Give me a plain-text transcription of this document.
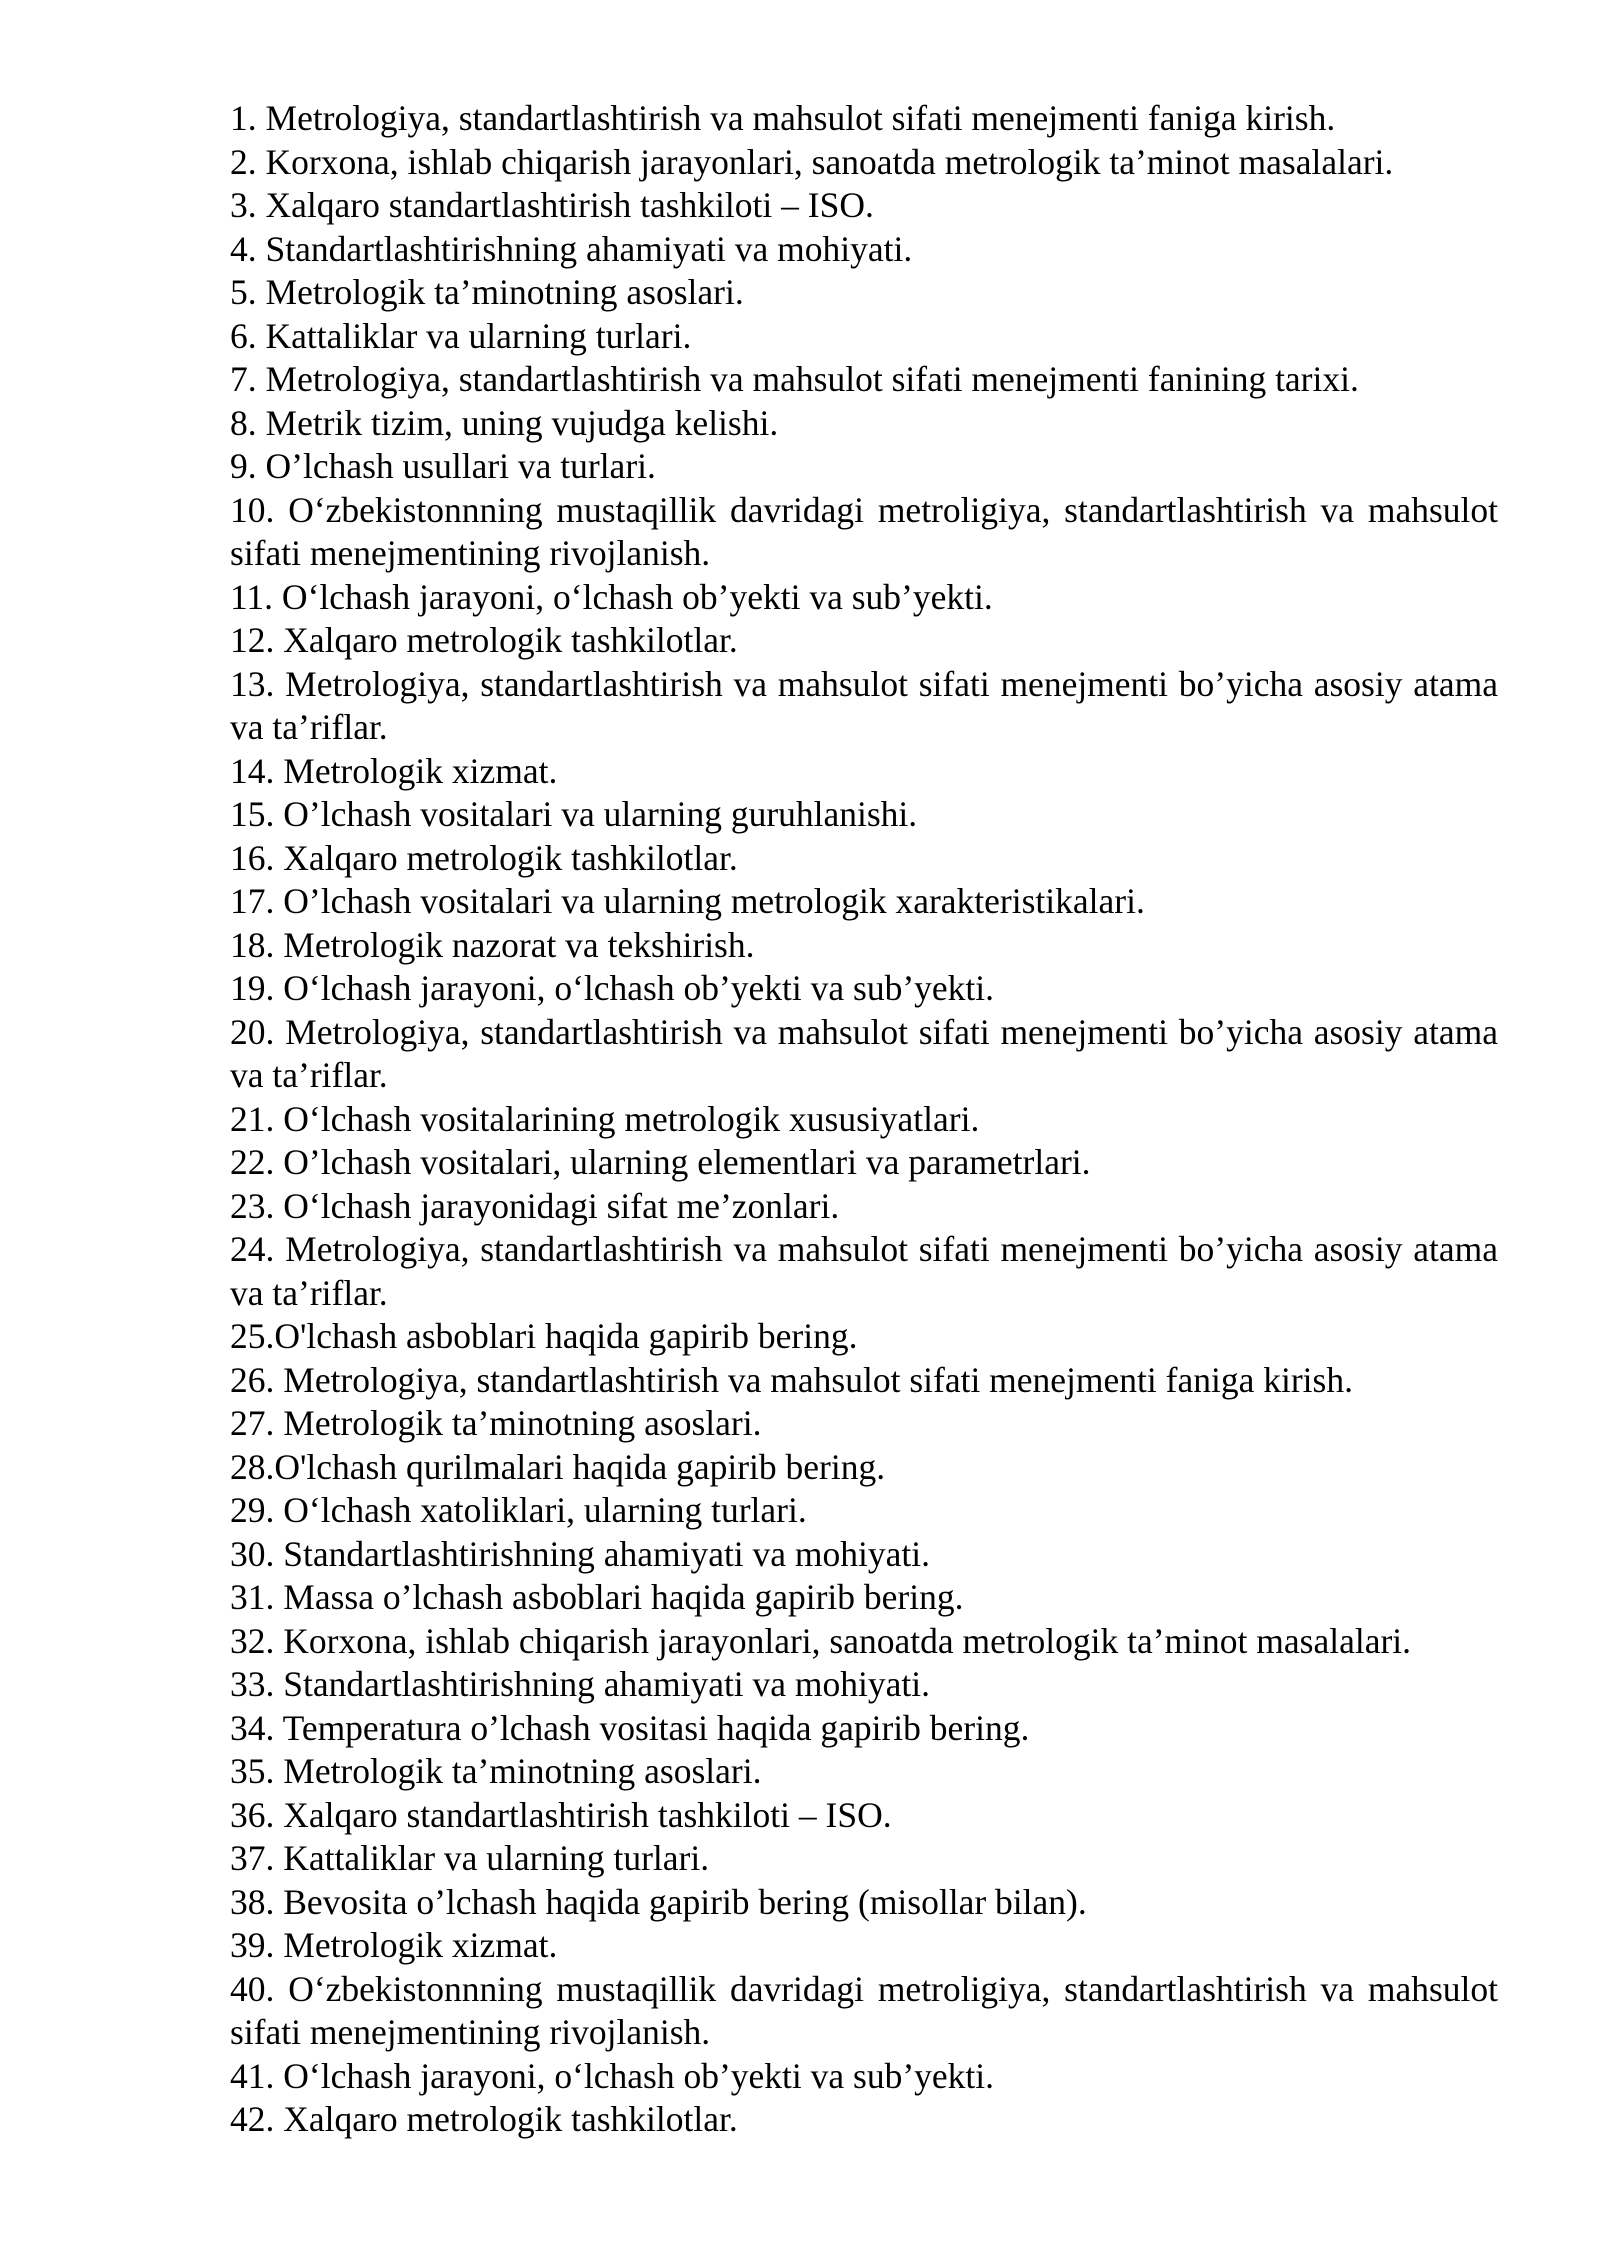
1. Metrologiya, standartlashtirish va mahsulot sifati menejmenti faniga kirish.
2. Korxona, ishlab chiqarish jarayonlari, sanoatda metrologik ta’minot masalalari.
3. Xalqaro standartlashtirish tashkiloti – ISO.
4. Standartlashtirishning ahamiyati va mohiyati.
5. Metrologik ta’minotning asoslari.
6. Kattaliklar va ularning turlari.
7. Metrologiya, standartlashtirish va mahsulot sifati menejmenti fanining tarixi.
8. Metrik tizim, uning vujudga kelishi.
9. O’lchash usullari va turlari.
10. O‘zbekistonnning mustaqillik davridagi metroligiya, standartlashtirish va mahsulot sifati menejmentining rivojlanish.
11. O‘lchash jarayoni, o‘lchash ob’yekti va sub’yekti.
12. Xalqaro metrologik tashkilotlar.
13. Metrologiya, standartlashtirish va mahsulot sifati menejmenti bo’yicha asosiy atama va ta’riflar.
14. Metrologik xizmat.
15. O’lchash vositalari va ularning guruhlanishi.
16. Xalqaro metrologik tashkilotlar.
17. O’lchash vositalari va ularning metrologik xarakteristikalari.
18. Metrologik nazorat va tekshirish.
19. O‘lchash jarayoni, o‘lchash ob’yekti va sub’yekti.
20. Metrologiya, standartlashtirish va mahsulot sifati menejmenti bo’yicha asosiy atama va ta’riflar.
21. O‘lchash vositalarining metrologik xususiyatlari.
22. O’lchash vositalari, ularning elementlari va parametrlari.
23. O‘lchash jarayonidagi sifat me’zonlari.
24. Metrologiya, standartlashtirish va mahsulot sifati menejmenti bo’yicha asosiy atama va ta’riflar.
25.O'lchash asboblari haqida gapirib bering.
26. Metrologiya, standartlashtirish va mahsulot sifati menejmenti faniga kirish.
27. Metrologik ta’minotning asoslari.
28.O'lchash qurilmalari haqida gapirib bering.
29. O‘lchash xatoliklari, ularning turlari.
30. Standartlashtirishning ahamiyati va mohiyati.
31. Massa o’lchash asboblari haqida gapirib bering.
32. Korxona, ishlab chiqarish jarayonlari, sanoatda metrologik ta’minot masalalari.
33. Standartlashtirishning ahamiyati va mohiyati.
34. Temperatura o’lchash vositasi haqida gapirib bering.
35. Metrologik ta’minotning asoslari.
36. Xalqaro standartlashtirish tashkiloti – ISO.
37. Kattaliklar va ularning turlari.
38. Bevosita o’lchash haqida gapirib bering (misollar bilan).
39. Metrologik xizmat.
40. O‘zbekistonnning mustaqillik davridagi metroligiya, standartlashtirish va mahsulot sifati menejmentining rivojlanish.
41. O‘lchash jarayoni, o‘lchash ob’yekti va sub’yekti.
42. Xalqaro metrologik tashkilotlar.
